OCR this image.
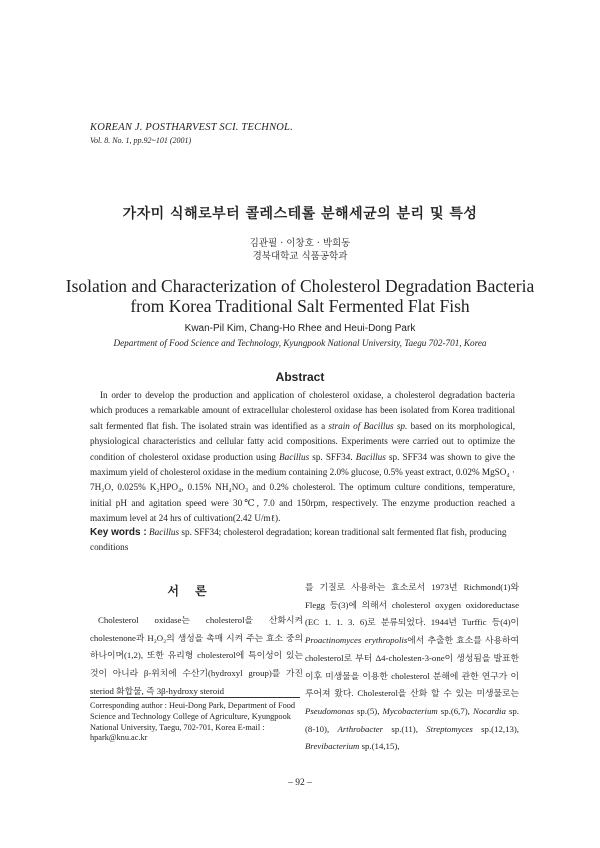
KOREAN J. POSTHARVEST SCI. TECHNOL.
Vol. 8. No. 1, pp.92~101 (2001)
가자미 식해로부터 콜레스테롤 분해세균의 분리 및 특성
김관필 · 이창호 · 박희동
경북대학교 식품공학과
Isolation and Characterization of Cholesterol Degradation Bacteria from Korea Traditional Salt Fermented Flat Fish
Kwan-Pil Kim, Chang-Ho Rhee and Heui-Dong Park
Department of Food Science and Technology, Kyungpook National University, Taegu 702-701, Korea
Abstract
In order to develop the production and application of cholesterol oxidase, a cholesterol degradation bacteria which produces a remarkable amount of extracellular cholesterol oxidase has been isolated from Korea traditional salt fermented flat fish. The isolated strain was identified as a strain of Bacillus sp. based on its morphological, physiological characteristics and cellular fatty acid compositions. Experiments were carried out to optimize the condition of cholesterol oxidase production using Bacillus sp. SFF34. Bacillus sp. SFF34 was shown to give the maximum yield of cholesterol oxidase in the medium containing 2.0% glucose, 0.5% yeast extract, 0.02% MgSO₄ · 7H₂O, 0.025% K₂HPO₄, 0.15% NH₄NO₃ and 0.2% cholesterol. The optimum culture conditions, temperature, initial pH and agitation speed were 30℃, 7.0 and 150rpm, respectively. The enzyme production reached a maximum level at 24 hrs of cultivation(2.42 U/mℓ).
Key words : Bacillus sp. SFF34; cholesterol degradation; korean traditional salt fermented flat fish, producing conditions
서 론
Cholesterol oxidase는 cholesterol을 산화시켜 cholestenone과 H₂O₂의 생성을 촉매 시켜 주는 효소 중의 하나이며(1,2), 또한 유리형 cholesterol에 특이성이 있는 것이 아니라 β-위치에 수산기(hydroxyl group)를 가진 steriod 화합물, 즉 3β-hydroxy steroid
를 기질로 사용하는 효소로서 1973년 Richmond(1)와 Flegg 등(3)에 의해서 cholesterol oxygen oxidoreductase (EC 1. 1. 3. 6)로 분류되었다. 1944년 Turffic 등(4)이 Proactinomyces erythropolis에서 추출한 효소를 사용하여 cholesterol로 부터 Δ4-cholesten-3-one이 생성됨을 발표한 이후 미생물을 이용한 cholesterol 분해에 관한 연구가 이루어져 왔다. Cholesterol을 산화 할 수 있는 미생물로는 Pseudomonas sp.(5), Mycobacterium sp.(6,7), Nocardia sp.(8-10), Arthrobacter sp.(11), Streptomyces sp.(12,13), Brevibacterium sp.(14,15),
Corresponding author : Heui-Dong Park, Department of Food Science and Technology College of Agriculture, Kyungpook National University, Taegu, 702-701, Korea E-mail : hpark@knu.ac.kr
– 92 –
